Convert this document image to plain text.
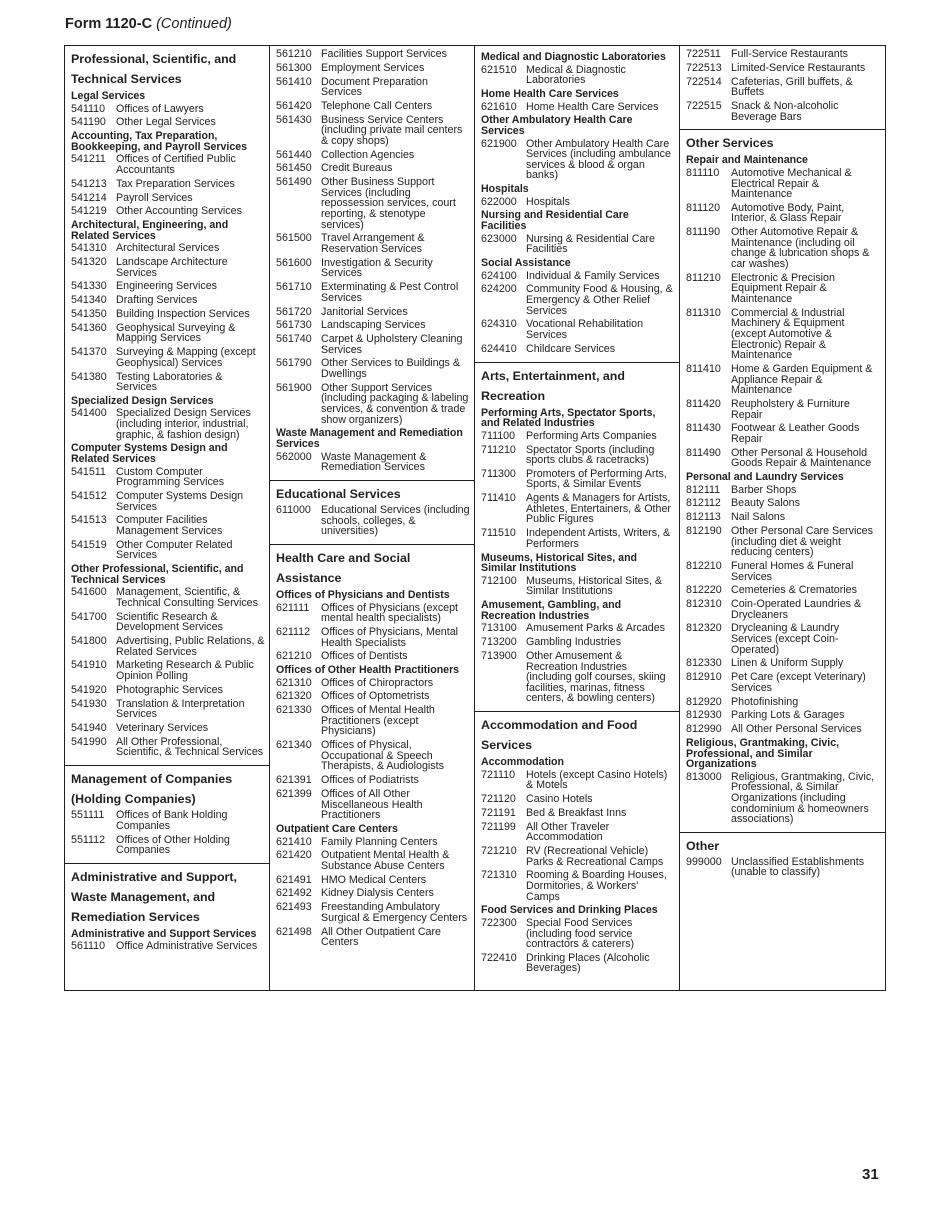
Form 1120-C (Continued)
Professional, Scientific, and
Technical Services
Legal Services
541110	Offices of Lawyers
541190 Other Legal Services
Accounting, Tax Preparation, Bookkeeping, and Payroll Services
541211 Offices of Certified Public Accountants
541213 Tax Preparation Services
541214 Payroll Services
541219 Other Accounting Services
Architectural, Engineering, and Related Services
541310 Architectural Services
541320 Landscape Architecture Services
541330 Engineering Services
541340 Drafting Services
541350 Building Inspection Services
541360 Geophysical Surveying & Mapping Services
541370 Surveying & Mapping (except Geophysical) Services
541380 Testing Laboratories & Services
Specialized Design Services
541400 Specialized Design Services (including interior, industrial, graphic, & fashion design)
Computer Systems Design and Related Services
541511 Custom Computer Programming Services
541512 Computer Systems Design Services
541513 Computer Facilities Management Services
541519 Other Computer Related Services
Other Professional, Scientific, and Technical Services
541600 Management, Scientific, & Technical Consulting Services
541700 Scientific Research & Development Services
541800 Advertising, Public Relations, & Related Services
541910 Marketing Research & Public Opinion Polling
541920 Photographic Services
541930 Translation & Interpretation Services
541940 Veterinary Services
541990 All Other Professional, Scientific, & Technical Services
Management of Companies
(Holding Companies)
551111	Offices of Bank Holding Companies
551112	Offices of Other Holding Companies
Administrative and Support,
Waste Management, and
Remediation Services
Administrative and Support Services
561110	Office Administrative Services
561210 Facilities Support Services
561300 Employment Services
561410 Document Preparation Services
561420 Telephone Call Centers
561430 Business Service Centers (including private mail centers & copy shops)
561440 Collection Agencies
561450 Credit Bureaus
561490 Other Business Support Services (including repossession services, court reporting, & stenotype services)
561500 Travel Arrangement & Reservation Services
561600 Investigation & Security Services
561710 Exterminating & Pest Control Services
561720 Janitorial Services
561730 Landscaping Services
561740 Carpet & Upholstery Cleaning Services
561790 Other Services to Buildings & Dwellings
561900 Other Support Services (including packaging & labeling services, & convention & trade show organizers)
Waste Management and Remediation Services
562000 Waste Management & Remediation Services
Educational Services
611000 Educational Services (including schools, colleges, & universities)
Health Care and Social
Assistance
Offices of Physicians and Dentists
621111	Offices of Physicians (except mental health specialists)
621112	Offices of Physicians, Mental Health Specialists
621210 Offices of Dentists
Offices of Other Health Practitioners
621310 Offices of Chiropractors
621320 Offices of Optometrists
621330 Offices of Mental Health Practitioners (except Physicians)
621340 Offices of Physical, Occupational & Speech Therapists, & Audiologists
621391 Offices of Podiatrists
621399 Offices of All Other Miscellaneous Health Practitioners
Outpatient Care Centers
621410 Family Planning Centers
621420 Outpatient Mental Health & Substance Abuse Centers
621491 HMO Medical Centers
621492 Kidney Dialysis Centers
621493 Freestanding Ambulatory Surgical & Emergency Centers
621498 All Other Outpatient Care Centers
Medical and Diagnostic Laboratories
621510 Medical & Diagnostic Laboratories
Home Health Care Services
621610 Home Health Care Services
Other Ambulatory Health Care Services
621900 Other Ambulatory Health Care Services (including ambulance services & blood & organ banks)
Hospitals
622000 Hospitals
Nursing and Residential Care Facilities
623000 Nursing & Residential Care Facilities
Social Assistance
624100 Individual & Family Services
624200 Community Food & Housing, & Emergency & Other Relief Services
624310 Vocational Rehabilitation Services
624410 Childcare Services
Arts, Entertainment, and
Recreation
Performing Arts, Spectator Sports, and Related Industries
711100	Performing Arts Companies
711210 Spectator Sports (including sports clubs & racetracks)
711300 Promoters of Performing Arts, Sports, & Similar Events
711410 Agents & Managers for Artists, Athletes, Entertainers, & Other Public Figures
711510 Independent Artists, Writers, & Performers
Museums, Historical Sites, and Similar Institutions
712100 Museums, Historical Sites, & Similar Institutions
Amusement, Gambling, and Recreation Industries
713100 Amusement Parks & Arcades
713200 Gambling Industries
713900 Other Amusement & Recreation Industries (including golf courses, skiing facilities, marinas, fitness centers, & bowling centers)
Accommodation and Food
Services
Accommodation
721110	Hotels (except Casino Hotels) & Motels
721120 Casino Hotels
721191 Bed & Breakfast Inns
721199 All Other Traveler Accommodation
721210 RV (Recreational Vehicle) Parks & Recreational Camps
721310 Rooming & Boarding Houses, Dormitories, & Workers' Camps
Food Services and Drinking Places
722300 Special Food Services (including food service contractors & caterers)
722410 Drinking Places (Alcoholic Beverages)
722511 Full-Service Restaurants
722513 Limited-Service Restaurants
722514 Cafeterias, Grill buffets, & Buffets
722515 Snack & Non-alcoholic Beverage Bars
Other Services
Repair and Maintenance
811110	Automotive Mechanical & Electrical Repair & Maintenance
811120	Automotive Body, Paint, Interior, & Glass Repair
811190	Other Automotive Repair & Maintenance (including oil change & lubrication shops & car washes)
811210 Electronic & Precision Equipment Repair & Maintenance
811310 Commercial & Industrial Machinery & Equipment (except Automotive & Electronic) Repair & Maintenance
811410 Home & Garden Equipment & Appliance Repair & Maintenance
811420 Reupholstery & Furniture Repair
811430 Footwear & Leather Goods Repair
811490 Other Personal & Household Goods Repair & Maintenance
Personal and Laundry Services
812111	Barber Shops
812112 Beauty Salons
812113 Nail Salons
812190 Other Personal Care Services (including diet & weight reducing centers)
812210 Funeral Homes & Funeral Services
812220 Cemeteries & Crematories
812310 Coin-Operated Laundries & Drycleaners
812320 Drycleaning & Laundry Services (except Coin-Operated)
812330 Linen & Uniform Supply
812910 Pet Care (except Veterinary) Services
812920 Photofinishing
812930 Parking Lots & Garages
812990 All Other Personal Services
Religious, Grantmaking, Civic, Professional, and Similar Organizations
813000 Religious, Grantmaking, Civic, Professional, & Similar Organizations (including condominium & homeowners associations)
Other
999000 Unclassified Establishments (unable to classify)
31
